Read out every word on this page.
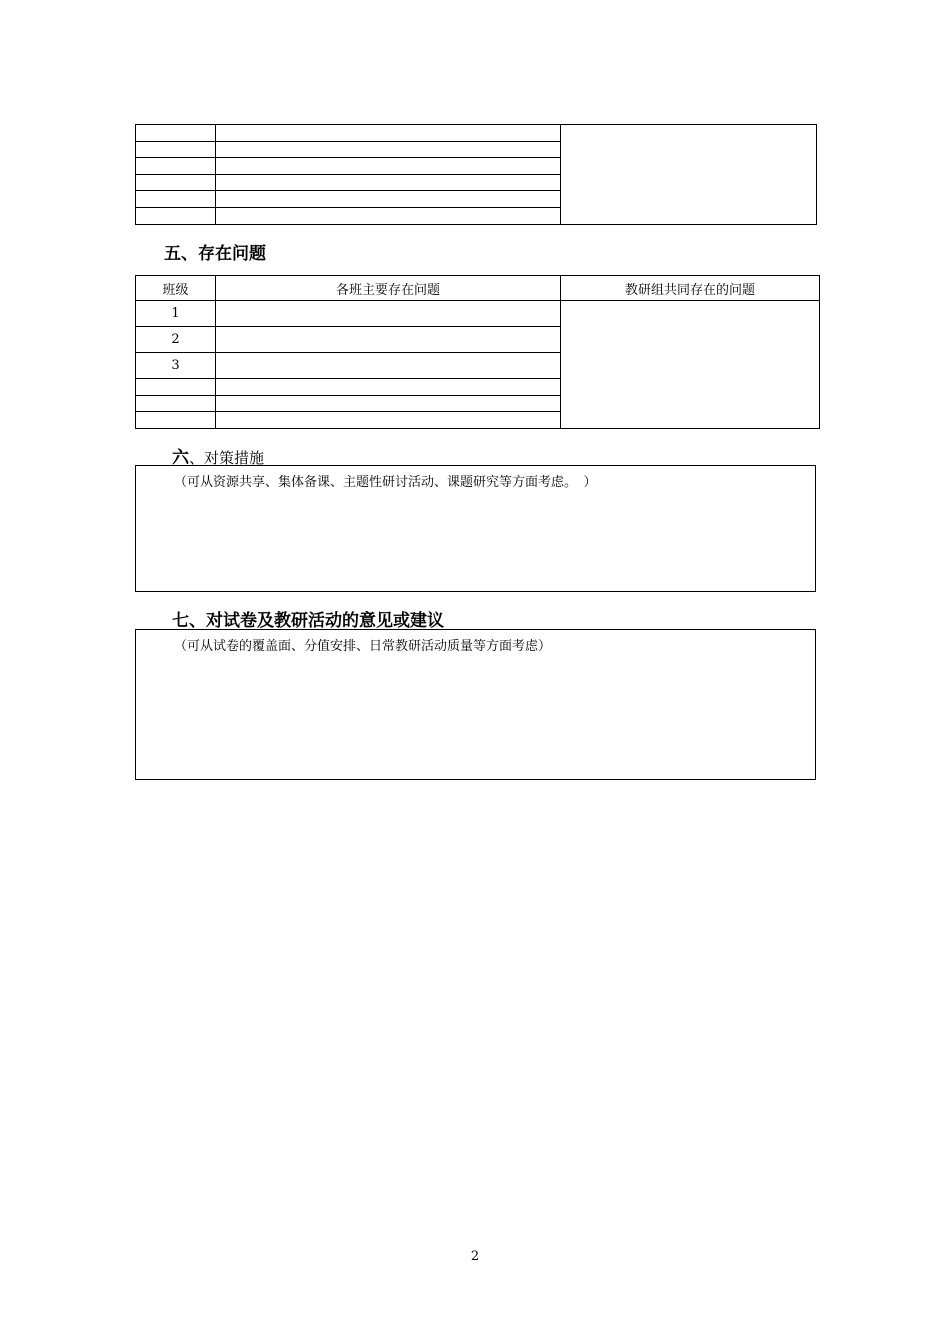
五、存在问题
班级	各班主要存在问题	教研组共同存在的问题
1		
2		
3		

六、对策措施
（可从资源共享、集体备课、主题性研讨活动、课题研究等方面考虑。　）
七、对试卷及教研活动的意见或建议
（可从试卷的覆盖面、分值安排、日常教研活动质量等方面考虑）
2
